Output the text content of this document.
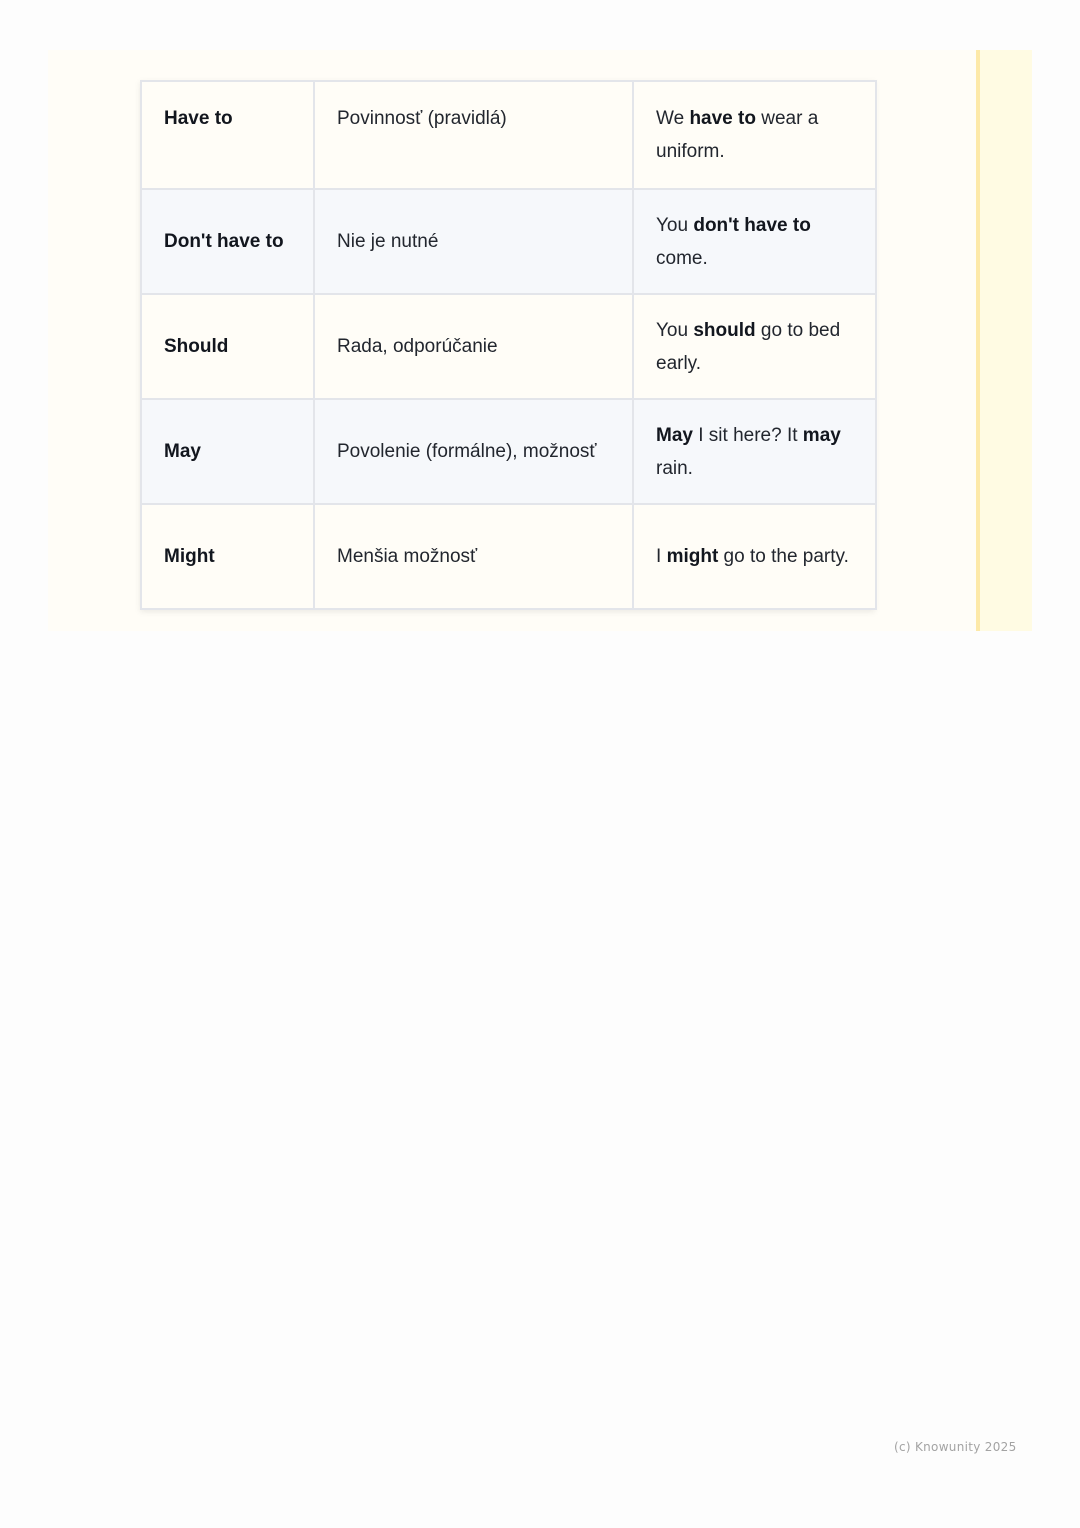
Have to	Povinnosť (pravidlá)	We have to wear a uniform.
Don't have to	Nie je nutné	You don't have to come.
Should	Rada, odporúčanie	You should go to bed early.
May	Povolenie (formálne), možnosť	May I sit here? It may rain.
Might	Menšia možnosť	I might go to the party.
(c) Knowunity 2025
